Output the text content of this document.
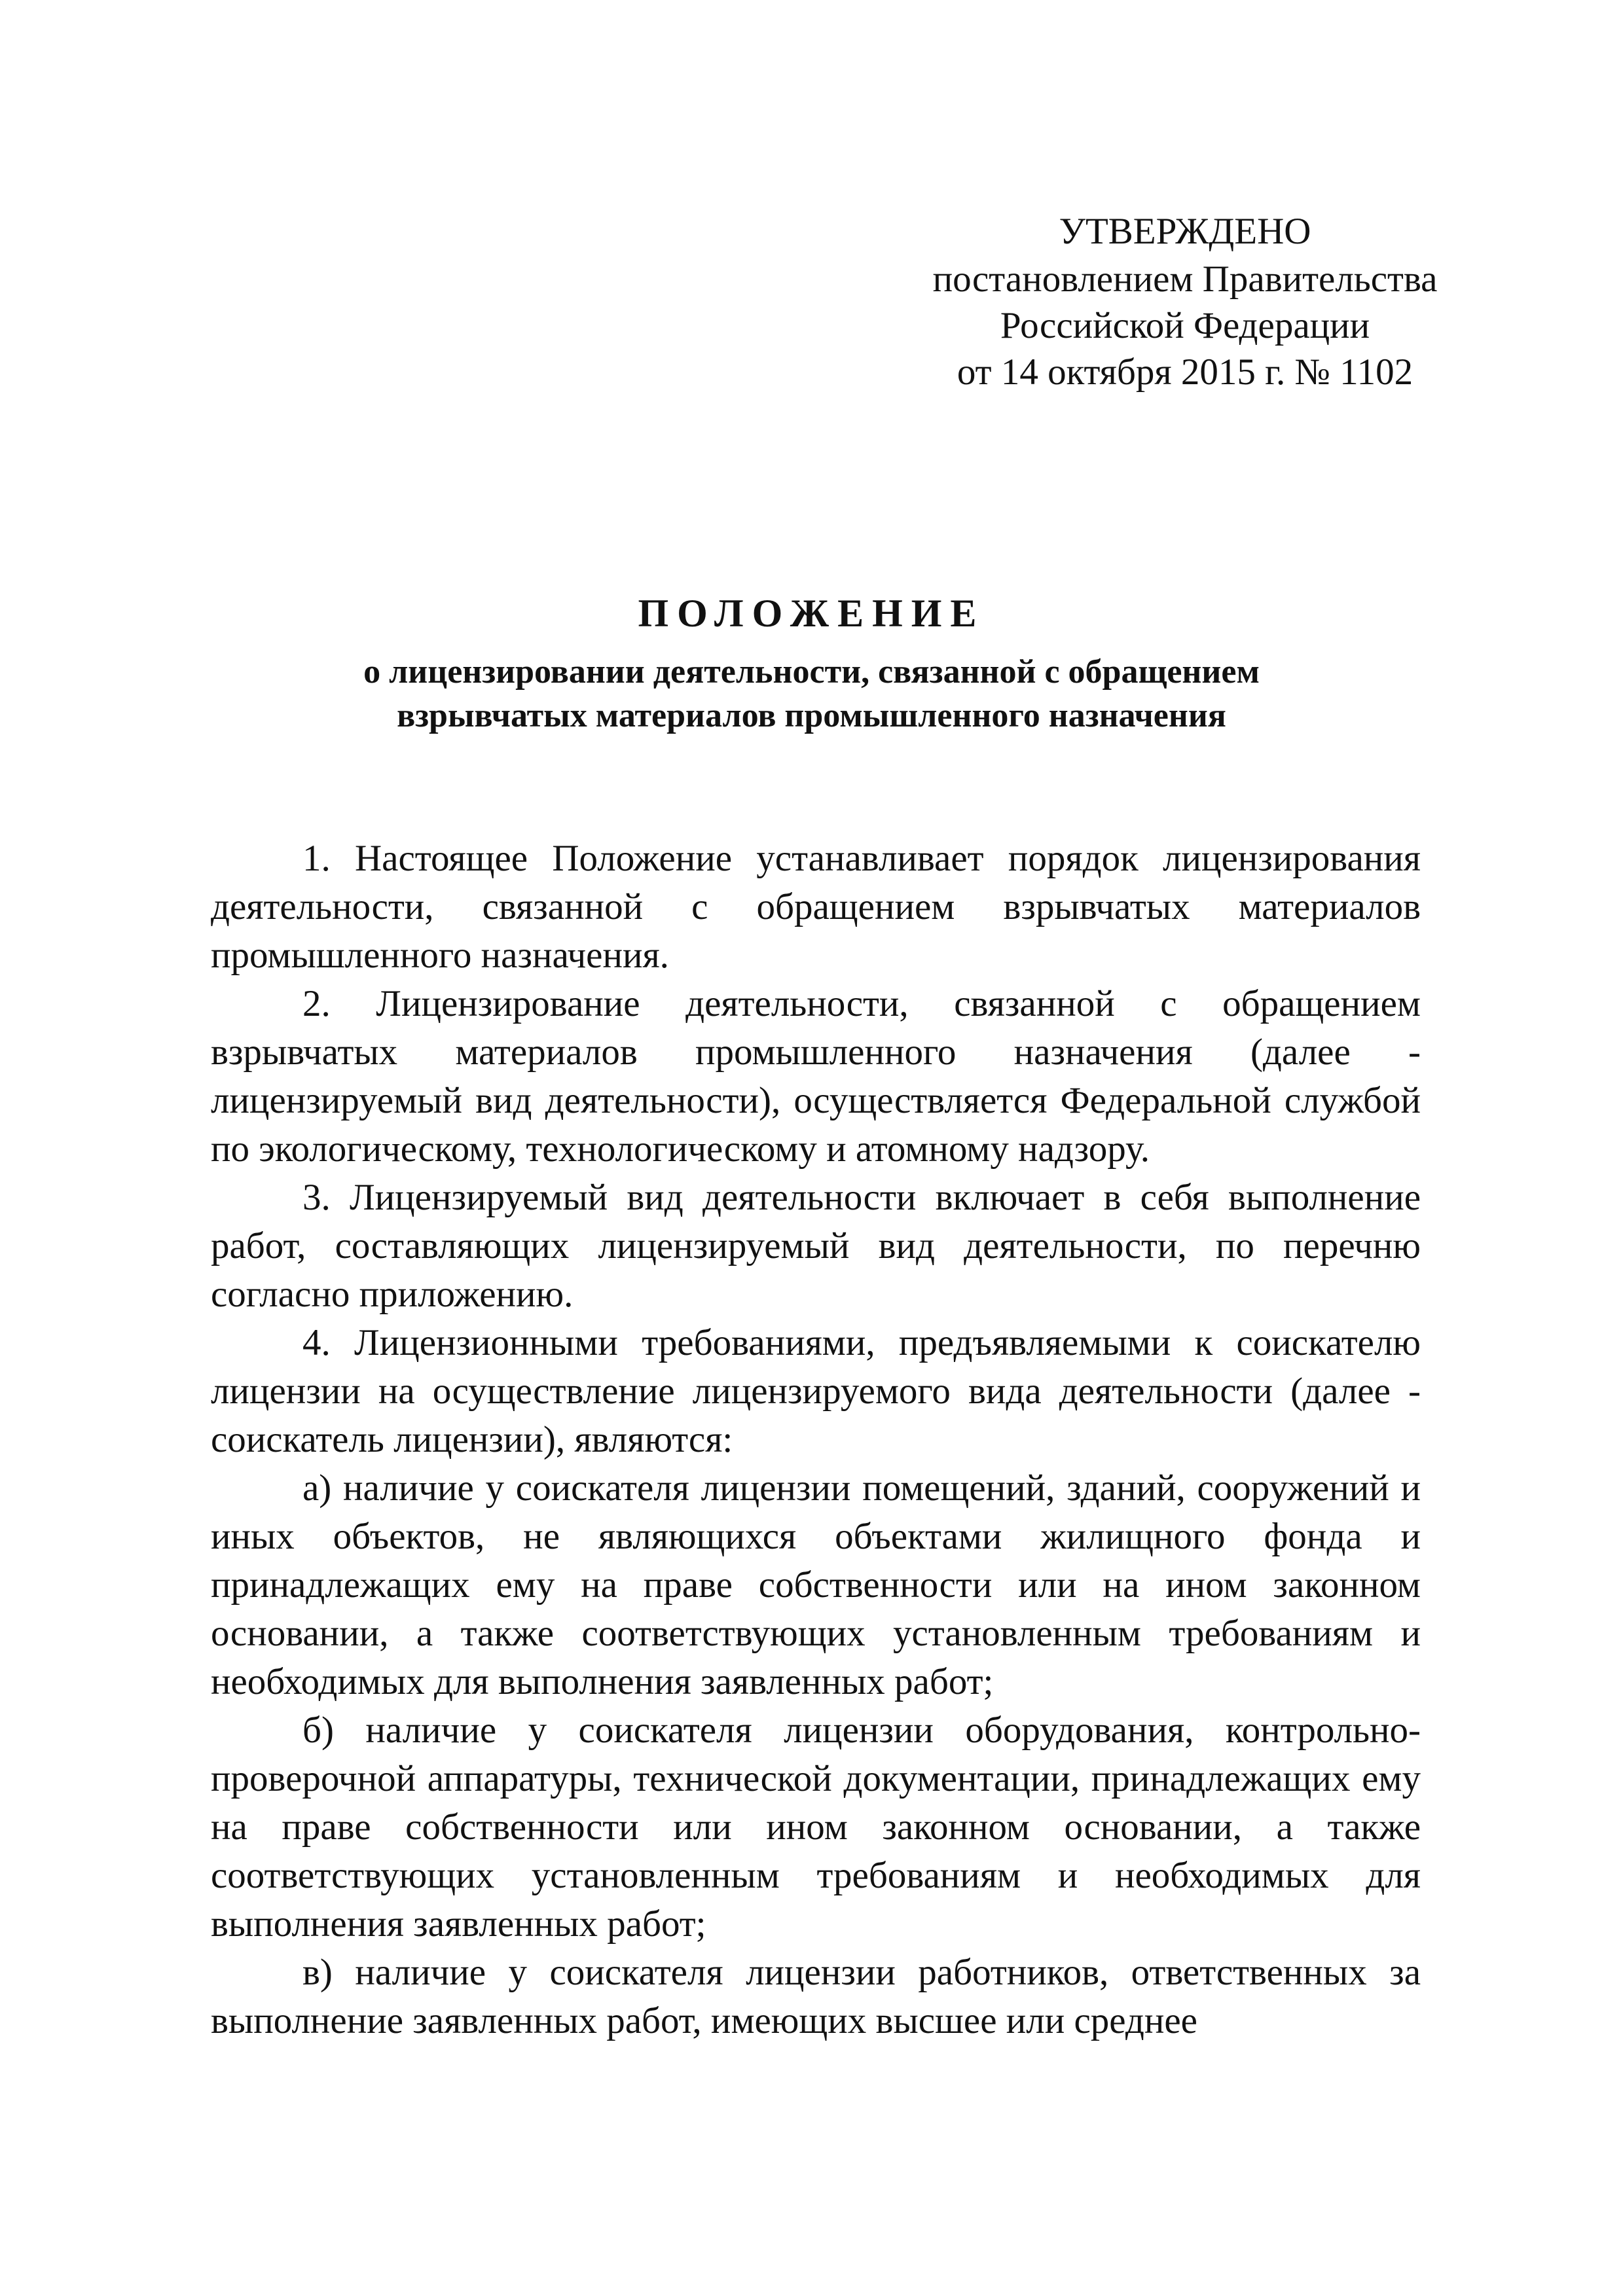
УТВЕРЖДЕНО
постановлением Правительства
Российской Федерации
от 14 октября 2015 г. № 1102
ПОЛОЖЕНИЕ
о лицензировании деятельности, связанной с обращением
взрывчатых материалов промышленного назначения

1. Настоящее Положение устанавливает порядок лицензирования деятельности, связанной с обращением взрывчатых материалов промышленного назначения.

2. Лицензирование деятельности, связанной с обращением взрывчатых материалов промышленного назначения (далее - лицензируемый вид деятельности), осуществляется Федеральной службой по экологическому, технологическому и атомному надзору.

3. Лицензируемый вид деятельности включает в себя выполнение работ, составляющих лицензируемый вид деятельности, по перечню согласно приложению.

4. Лицензионными требованиями, предъявляемыми к соискателю лицензии на осуществление лицензируемого вида деятельности (далее - соискатель лицензии), являются:

а) наличие у соискателя лицензии помещений, зданий, сооружений и иных объектов, не являющихся объектами жилищного фонда и принадлежащих ему на праве собственности или на ином законном основании, а также соответствующих установленным требованиям и необходимых для выполнения заявленных работ;

б) наличие у соискателя лицензии оборудования, контрольно-проверочной аппаратуры, технической документации, принадлежащих ему на праве собственности или ином законном основании, а также соответствующих установленным требованиям и необходимых для выполнения заявленных работ;

в) наличие у соискателя лицензии работников, ответственных за выполнение заявленных работ, имеющих высшее или среднее
